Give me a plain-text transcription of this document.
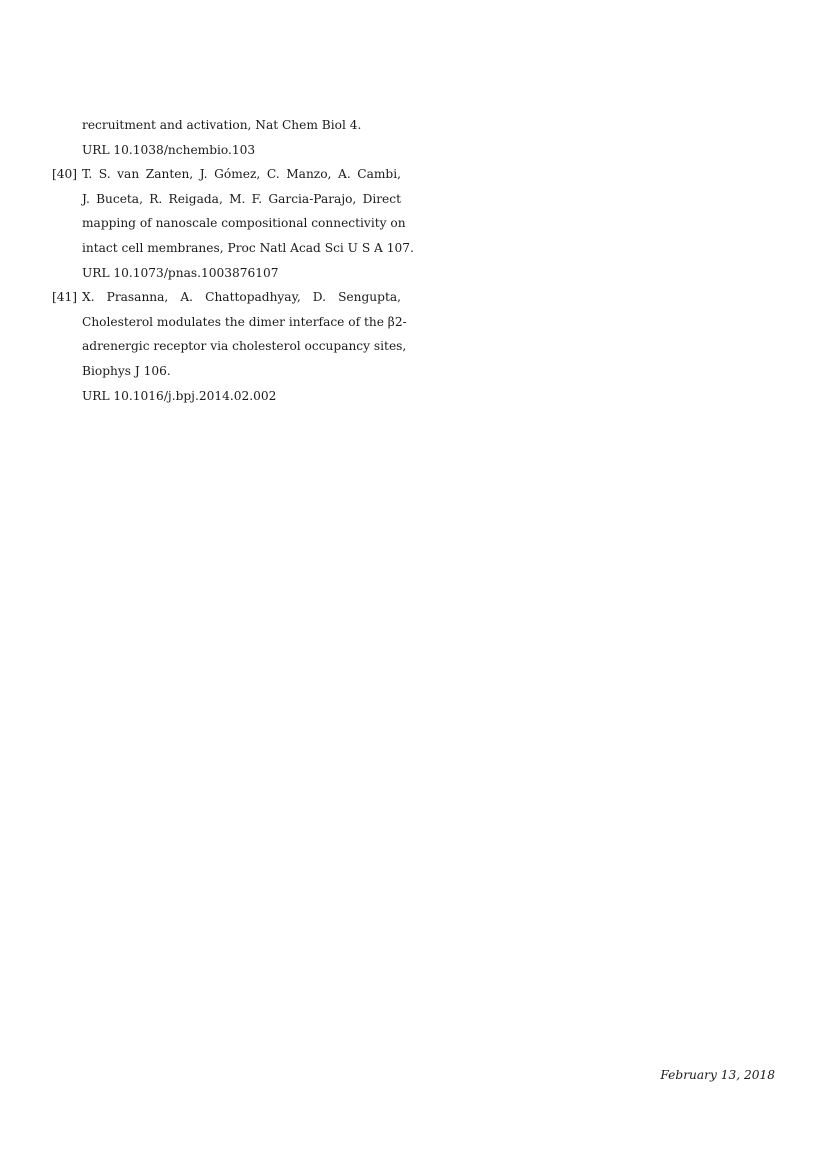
recruitment and activation, Nat Chem Biol 4.
URL 10.1038/nchembio.103
[40] T. S. van Zanten, J. Gómez, C. Manzo, A. Cambi,
J. Buceta, R. Reigada, M. F. Garcia-Parajo, Direct
mapping of nanoscale compositional connectivity on
intact cell membranes, Proc Natl Acad Sci U S A 107.
URL 10.1073/pnas.1003876107
[41] X. Prasanna, A. Chattopadhyay, D. Sengupta,
Cholesterol modulates the dimer interface of the β2-
adrenergic receptor via cholesterol occupancy sites,
Biophys J 106.
URL 10.1016/j.bpj.2014.02.002
February 13, 2018
